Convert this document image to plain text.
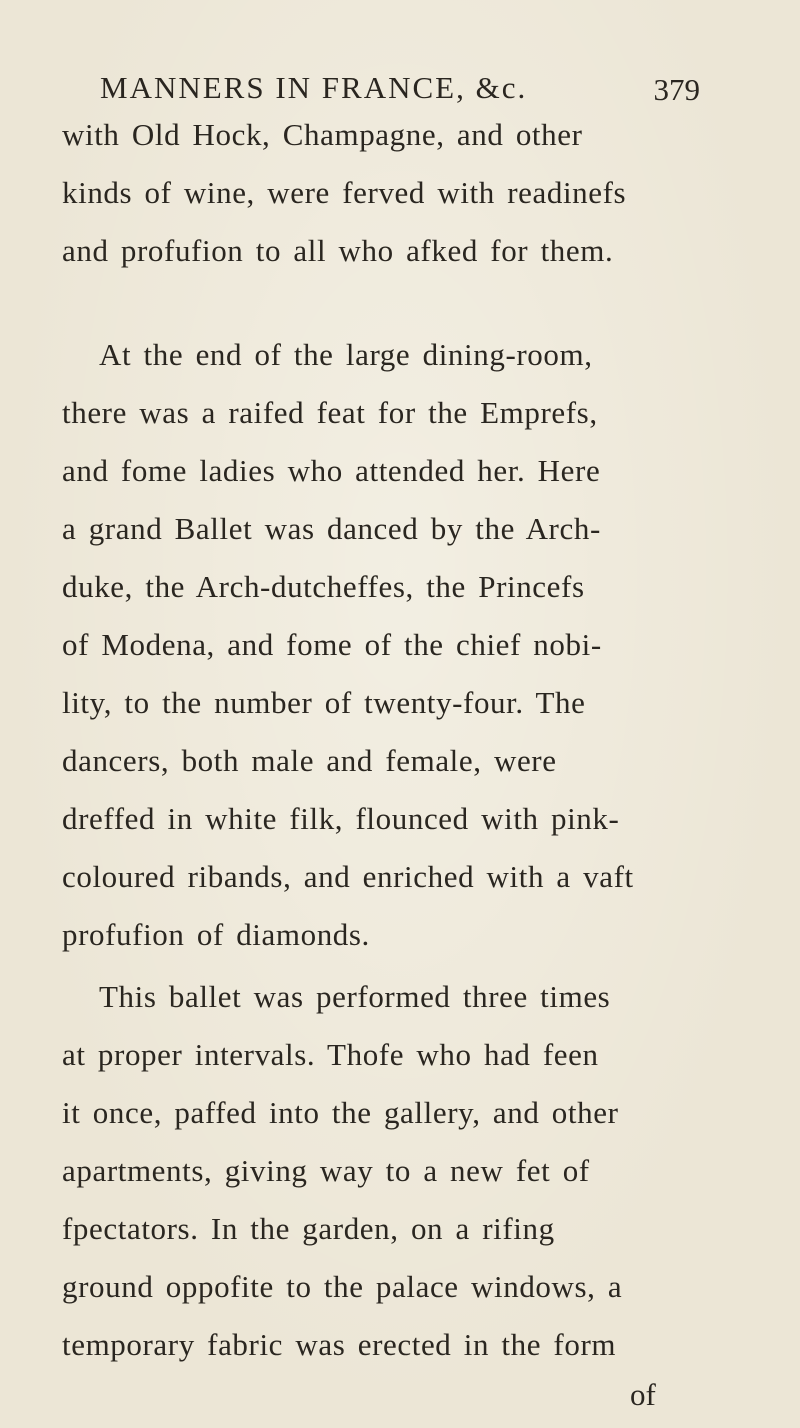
MANNERS IN FRANCE, &c.	379
with Old Hock, Champagne, and other
kinds of wine, were ferved with readinefs
and profufion to all who afked for them.
At the end of the large dining-room,
there was a raifed feat for the Emprefs,
and fome ladies who attended her. Here
a grand Ballet was danced by the Arch-
duke, the Arch-dutcheffes, the Princefs
of Modena, and fome of the chief nobi-
lity, to the number of twenty-four. The
dancers, both male and female, were
dreffed in white filk, flounced with pink-
coloured ribands, and enriched with a vaft
profufion of diamonds.
This ballet was performed three times
at proper intervals. Thofe who had feen
it once, paffed into the gallery, and other
apartments, giving way to a new fet of
fpectators. In the garden, on a rifing
ground oppofite to the palace windows, a
temporary fabric was erected in the form
of
